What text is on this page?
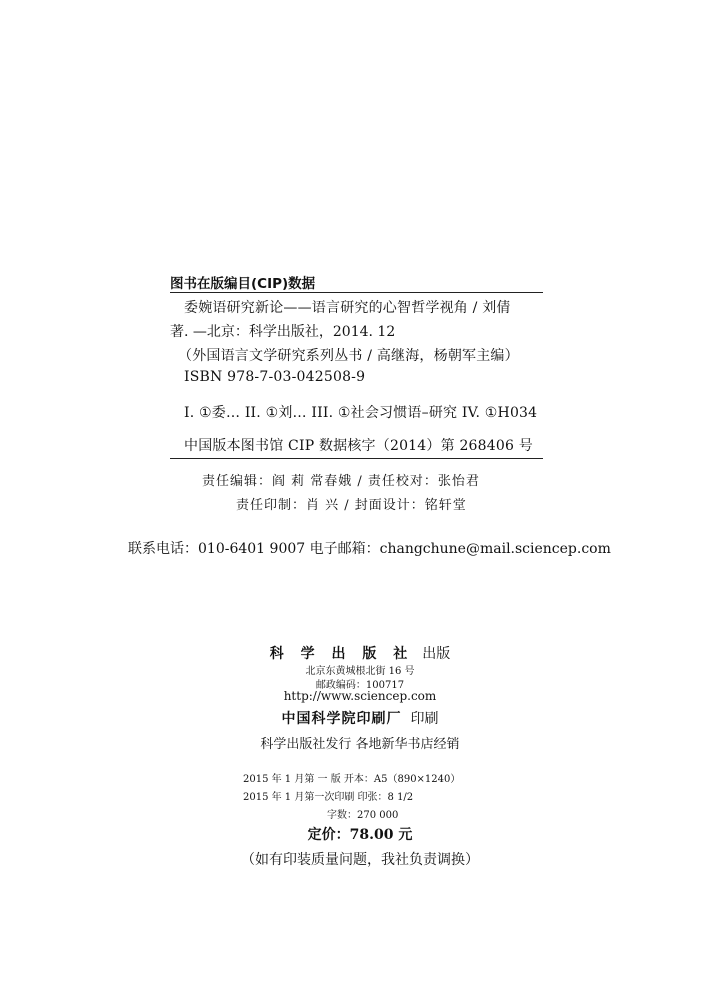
图书在版编目(CIP)数据
委婉语研究新论——语言研究的心智哲学视角 / 刘倩
著. —北京：科学出版社，2014. 12
（外国语言文学研究系列丛书 / 高继海，杨朝军主编）
ISBN 978-7-03-042508-9
I. ①委… II. ①刘… III. ①社会习惯语–研究 IV. ①H034
中国版本图书馆 CIP 数据核字（2014）第 268406 号
责任编辑：阎 莉 常春娥 / 责任校对：张怡君
责任印制：肖 兴 / 封面设计：铭轩堂
联系电话：010-6401 9007 电子邮箱：changchune@mail.sciencep.com
科 学 出 版 社 出版
北京东黄城根北街 16 号
邮政编码：100717
http://www.sciencep.com
中国科学院印刷厂 印刷
科学出版社发行 各地新华书店经销
2015 年 1 月第 一 版 开本：A5（890×1240）
2015 年 1 月第一次印刷 印张：8 1/2
字数：270 000
定价：78.00 元
（如有印装质量问题，我社负责调换）
